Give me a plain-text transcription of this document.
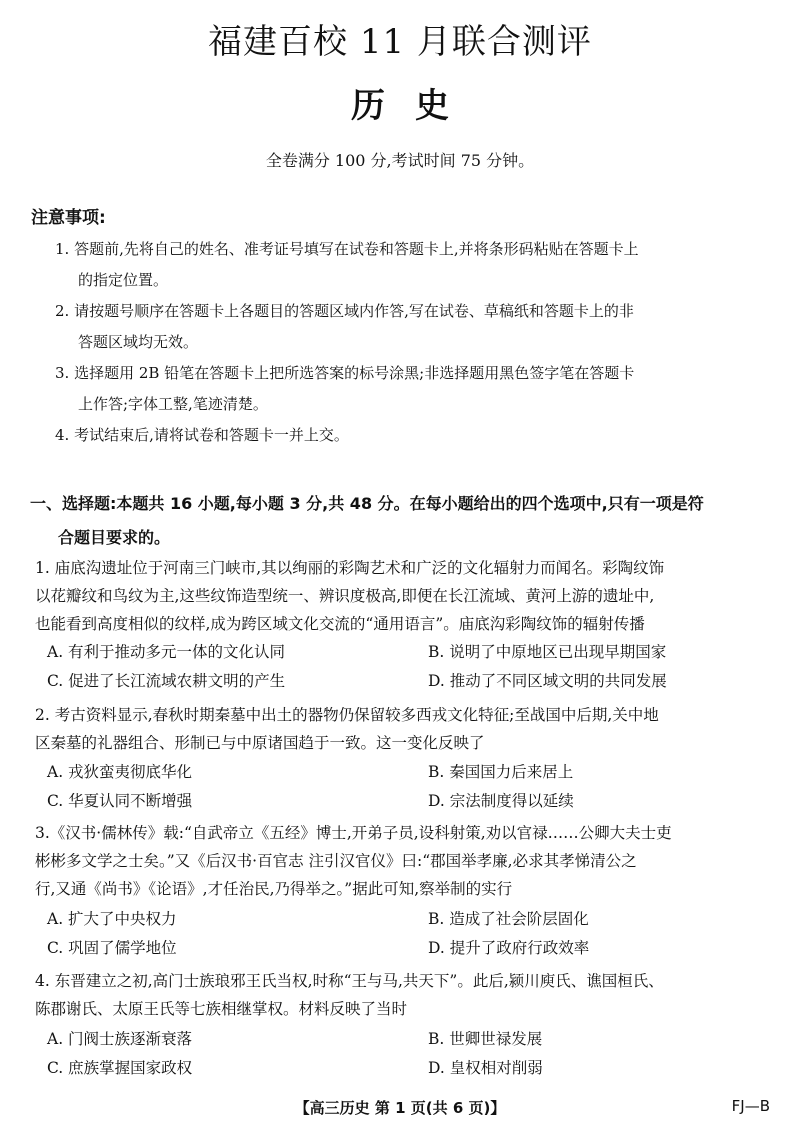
福建百校 11 月联合测评
历史
全卷满分 100 分,考试时间 75 分钟。
注意事项:
1. 答题前,先将自己的姓名、准考证号填写在试卷和答题卡上,并将条形码粘贴在答题卡上
的指定位置。
2. 请按题号顺序在答题卡上各题目的答题区域内作答,写在试卷、草稿纸和答题卡上的非
答题区域均无效。
3. 选择题用 2B 铅笔在答题卡上把所选答案的标号涂黑;非选择题用黑色签字笔在答题卡
上作答;字体工整,笔迹清楚。
4. 考试结束后,请将试卷和答题卡一并上交。
一、选择题:本题共 16 小题,每小题 3 分,共 48 分。在每小题给出的四个选项中,只有一项是符
合题目要求的。
1. 庙底沟遗址位于河南三门峡市,其以绚丽的彩陶艺术和广泛的文化辐射力而闻名。彩陶纹饰
以花瓣纹和鸟纹为主,这些纹饰造型统一、辨识度极高,即便在长江流域、黄河上游的遗址中,
也能看到高度相似的纹样,成为跨区域文化交流的“通用语言”。庙底沟彩陶纹饰的辐射传播
A. 有利于推动多元一体的文化认同	B. 说明了中原地区已出现早期国家
C. 促进了长江流域农耕文明的产生	D. 推动了不同区域文明的共同发展
2. 考古资料显示,春秋时期秦墓中出土的器物仍保留较多西戎文化特征;至战国中后期,关中地
区秦墓的礼器组合、形制已与中原诸国趋于一致。这一变化反映了
A. 戎狄蛮夷彻底华化	B. 秦国国力后来居上
C. 华夏认同不断增强	D. 宗法制度得以延续
3.《汉书·儒林传》载:“自武帝立《五经》博士,开弟子员,设科射策,劝以官禄……公卿大夫士吏
彬彬多文学之士矣。”又《后汉书·百官志 注引汉官仪》曰:“郡国举孝廉,必求其孝悌清公之
行,又通《尚书》《论语》,才任治民,乃得举之。”据此可知,察举制的实行
A. 扩大了中央权力	B. 造成了社会阶层固化
C. 巩固了儒学地位	D. 提升了政府行政效率
4. 东晋建立之初,高门士族琅邪王氏当权,时称“王与马,共天下”。此后,颍川庾氏、谯国桓氏、
陈郡谢氏、太原王氏等七族相继掌权。材料反映了当时
A. 门阀士族逐渐衰落	B. 世卿世禄发展
C. 庶族掌握国家政权	D. 皇权相对削弱
【高三历史 第 1 页(共 6 页)】	FJ—B
